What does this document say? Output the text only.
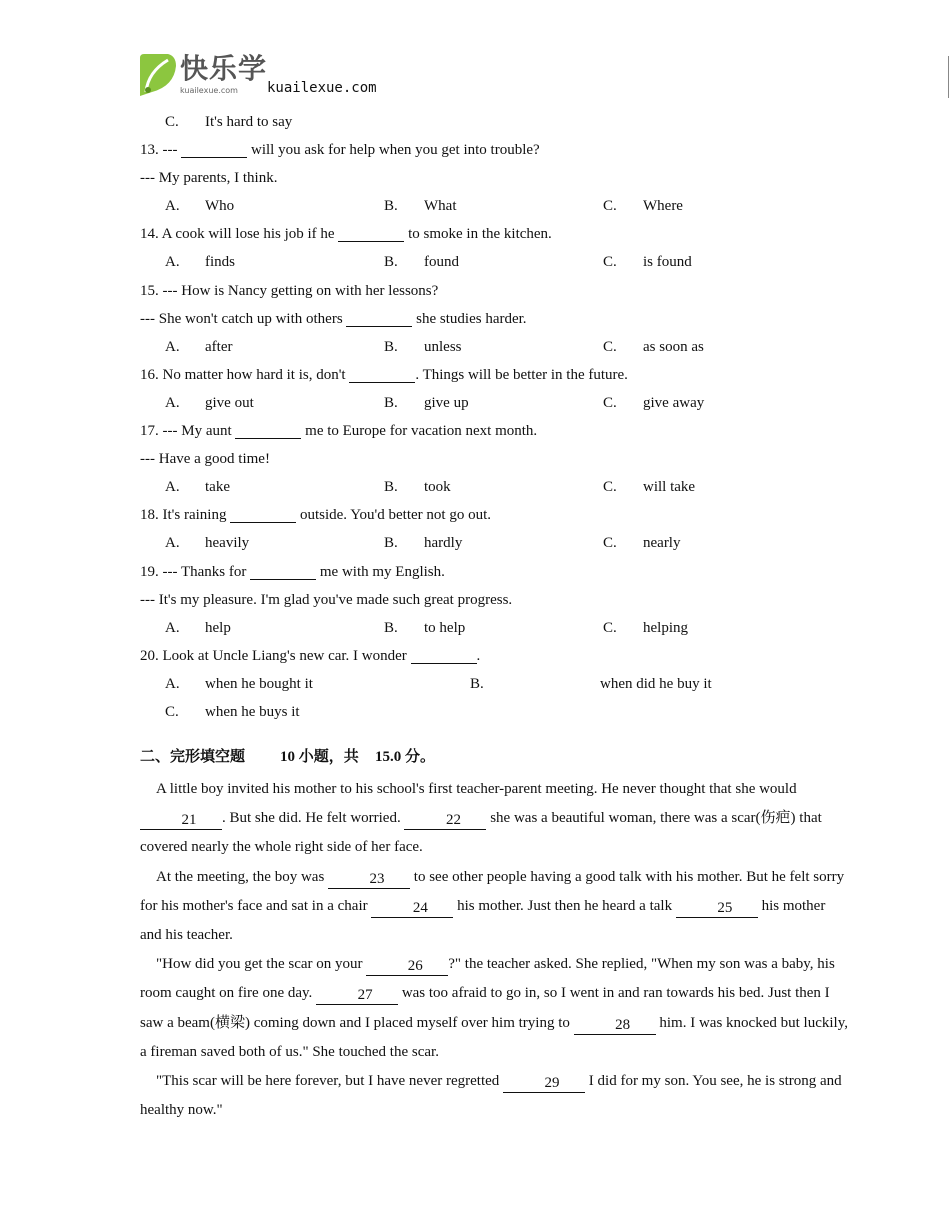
快乐学
kuailexue.com kuailexue.com
C. It's hard to say
13. ---	will you ask for help when you get into trouble?
--- My parents, I think.
A. Who	B. What	C. Where
14. A cook will lose his job if he	to smoke in the kitchen.
A. finds	B. found	C. is found
15. --- How is Nancy getting on with her lessons?
--- She won't catch up with others	she studies harder.
A. after	B. unless	C. as soon as
16. No matter how hard it is, don't	. Things will be better in the future.
A. give out	B. give up	C. give away
17. --- My aunt	me to Europe for vacation next month.
--- Have a good time!
A. take	B. took	C. will take
18. It's raining	outside. You'd better not go out.
A. heavily	B. hardly	C. nearly
19. --- Thanks for	me with my English.
--- It's my pleasure. I'm glad you've made such great progress.
A. help	B. to help	C. helping
20. Look at Uncle Liang's new car. I wonder	.
A. when he bought it	B.	when did he buy it
C. when he buys it
二、完形填空题 10 小题，共 15.0 分。

A little boy invited his mother to his school's first teacher-parent meeting. He never thought that she would 21 . But she did. He felt worried.	22 she was a beautiful woman, there was a scar(伤疤) that covered nearly the whole right side of her face.

At the meeting, the boy was	23 to see other people having a good talk with his mother. But he felt sorry for his mother's face and sat in a chair	24 his mother. Just then he heard a talk	25 his mother and his teacher.

"How did you get the scar on your	26 ?" the teacher asked. She replied, "When my son was a baby, his room caught on fire one day.	27 was too afraid to go in, so I went in and ran towards his bed. Just then I saw a beam(横梁) coming down and I placed myself over him trying to	28 him. I was knocked but luckily, a fireman saved both of us." She touched the scar.

"This scar will be here forever, but I have never regretted	29 I did for my son. You see, he is strong and healthy now."
